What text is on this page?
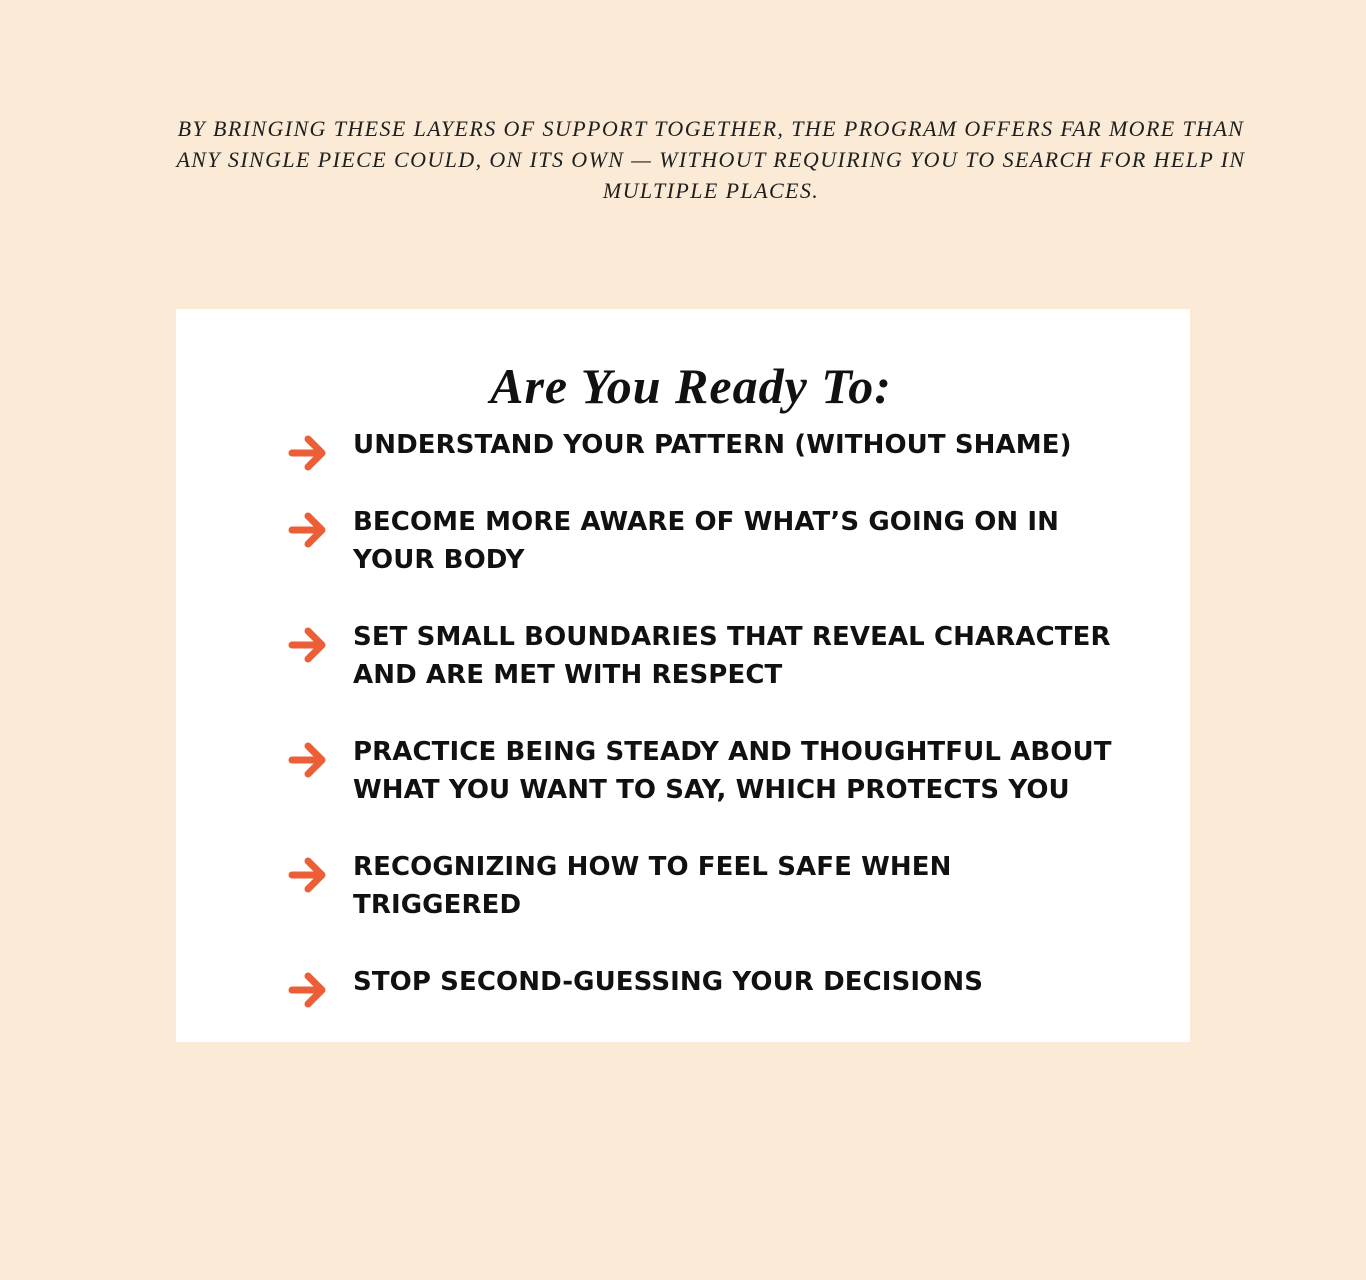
BY BRINGING THESE LAYERS OF SUPPORT TOGETHER, THE PROGRAM OFFERS FAR MORE THAN ANY SINGLE PIECE COULD, ON ITS OWN — WITHOUT REQUIRING YOU TO SEARCH FOR HELP IN MULTIPLE PLACES.

Are You Ready To:
UNDERSTAND YOUR PATTERN (WITHOUT SHAME)
BECOME MORE AWARE OF WHAT’S GOING ON IN YOUR BODY
SET SMALL BOUNDARIES THAT REVEAL CHARACTER AND ARE MET WITH RESPECT
PRACTICE BEING STEADY AND THOUGHTFUL ABOUT WHAT YOU WANT TO SAY, WHICH PROTECTS YOU
RECOGNIZING HOW TO FEEL SAFE WHEN TRIGGERED
STOP SECOND-GUESSING YOUR DECISIONS
